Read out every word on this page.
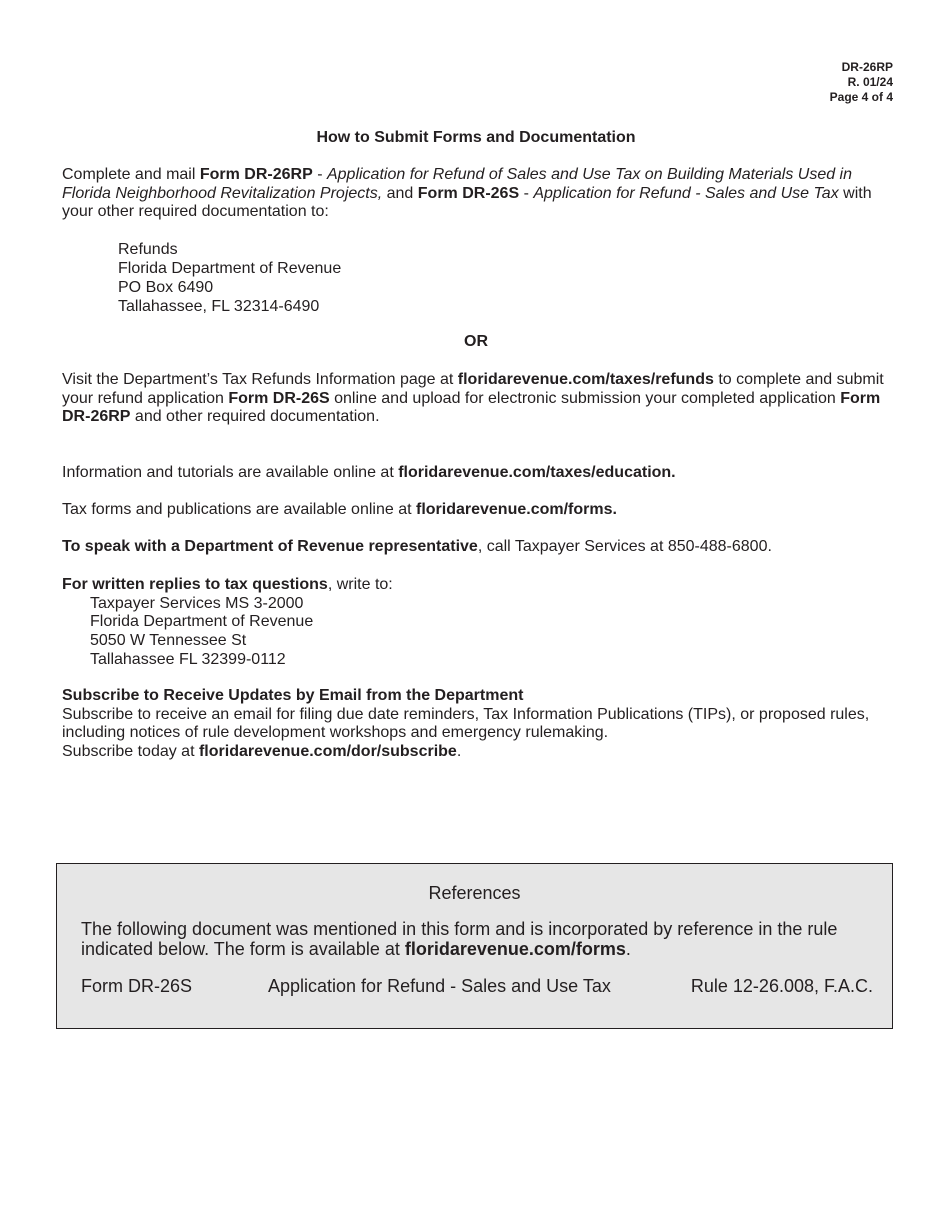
DR-26RP
R. 01/24
Page 4 of 4
How to Submit Forms and Documentation
Complete and mail Form DR-26RP - Application for Refund of Sales and Use Tax on Building Materials Used in Florida Neighborhood Revitalization Projects, and Form DR-26S - Application for Refund - Sales and Use Tax with your other required documentation to:
Refunds
Florida Department of Revenue
PO Box 6490
Tallahassee, FL 32314-6490
OR
Visit the Department’s Tax Refunds Information page at floridarevenue.com/taxes/refunds to complete and submit your refund application Form DR-26S online and upload for electronic submission your completed application Form DR-26RP and other required documentation.
Information and tutorials are available online at floridarevenue.com/taxes/education.
Tax forms and publications are available online at floridarevenue.com/forms.
To speak with a Department of Revenue representative, call Taxpayer Services at 850-488-6800.
For written replies to tax questions, write to:
Taxpayer Services MS 3-2000
Florida Department of Revenue
5050 W Tennessee St
Tallahassee FL 32399-0112
Subscribe to Receive Updates by Email from the Department
Subscribe to receive an email for filing due date reminders, Tax Information Publications (TIPs), or proposed rules, including notices of rule development workshops and emergency rulemaking.
Subscribe today at floridarevenue.com/dor/subscribe.
References
The following document was mentioned in this form and is incorporated by reference in the rule indicated below. The form is available at floridarevenue.com/forms.
Form DR-26S	Application for Refund - Sales and Use Tax	Rule 12-26.008, F.A.C.
